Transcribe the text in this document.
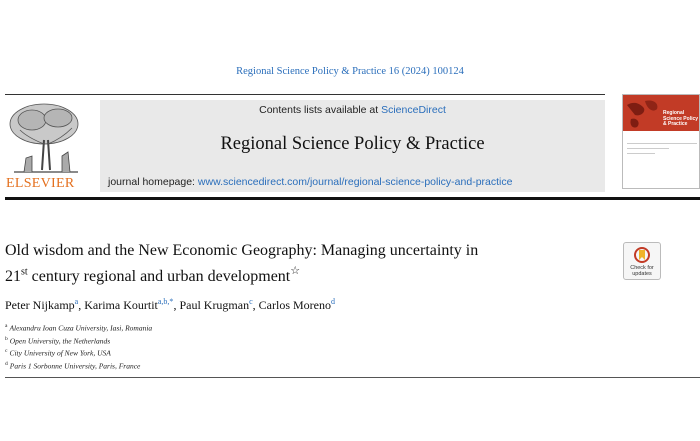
Regional Science Policy & Practice 16 (2024) 100124
ELSEVIER
Contents lists available at ScienceDirect
Regional Science Policy & Practice
journal homepage: www.sciencedirect.com/journal/regional-science-policy-and-practice
Regional Science Policy & Practice
Old wisdom and the New Economic Geography: Managing uncertainty in
21st century regional and urban development☆	Check for
updates
Peter Nijkamp$^a$, Karima Kourtit$^{a,b,*}$, Paul Krugman$^c$, Carlos Moreno$^d$
$^a$ Alexandru Ioan Cuza University, Iasi, Romania
$^b$ Open University, the Netherlands
$^c$ City University of New York, USA
$^d$ Paris 1 Sorbonne University, Paris, France
